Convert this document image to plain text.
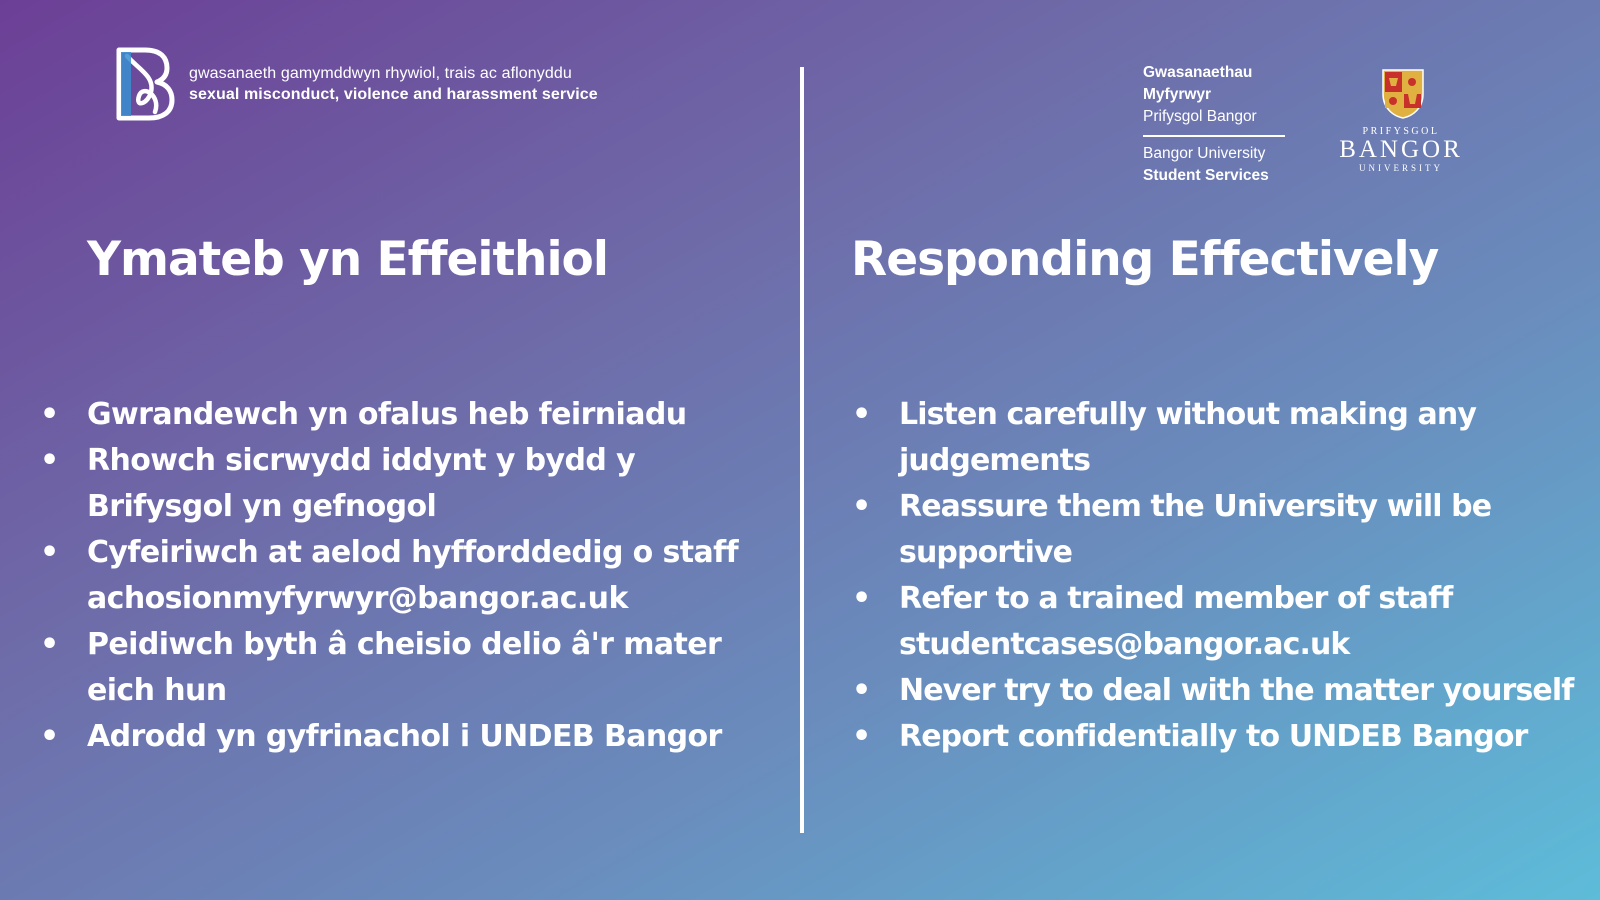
gwasanaeth gamymddwyn rhywiol, trais ac aflonyddu
sexual misconduct, violence and harassment service
Gwasanaethau
Myfyrwyr
Prifysgol Bangor
Bangor University
Student Services
PRIFYSGOL
BANGOR
UNIVERSITY
Ymateb yn Effeithiol	Responding Effectively
• Gwrandewch yn ofalus heb feirniadu
• Rhowch sicrwydd iddynt y bydd y
Brifysgol yn gefnogol
• Cyfeiriwch at aelod hyfforddedig o staff
achosionmyfyrwyr@bangor.ac.uk
• Peidiwch byth â cheisio delio â'r mater
eich hun
• Adrodd yn gyfrinachol i UNDEB Bangor
• Listen carefully without making any
judgements
• Reassure them the University will be
supportive
• Refer to a trained member of staff
studentcases@bangor.ac.uk
• Never try to deal with the matter yourself
• Report confidentially to UNDEB Bangor
